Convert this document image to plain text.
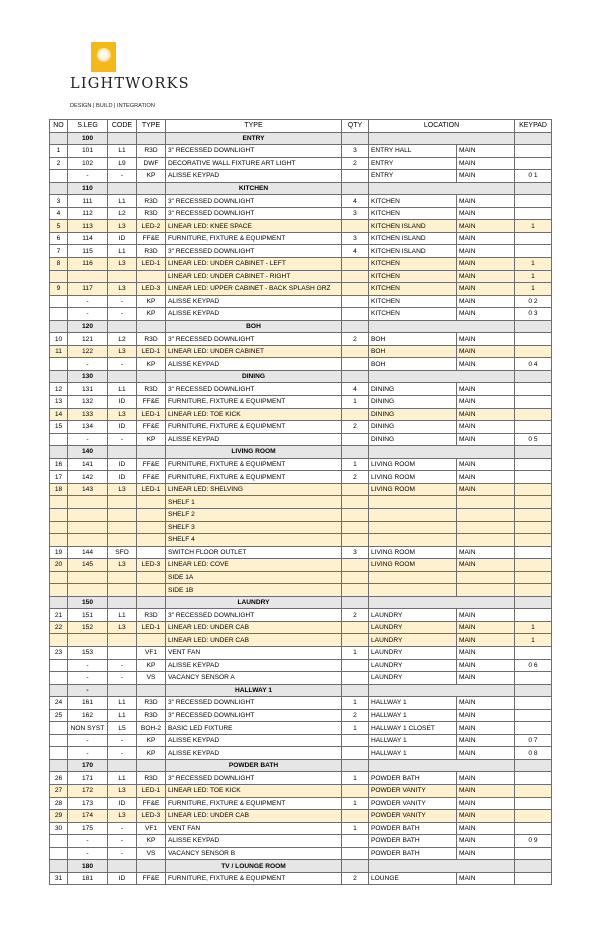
LIGHTWORKS
DESIGN | BUILD | INTEGRATION
NO	S.LEG	CODE	TYPE	TYPE	QTY	LOCATION		KEYPAD
	100			ENTRY				
1	101	L1	R3D	3" RECESSED DOWNLIGHT	3	ENTRY HALL	MAIN	
2	102	L9	DWF	DECORATIVE WALL FIXTURE ART LIGHT	2	ENTRY	MAIN	
	-	-	KP	ALISSE KEYPAD		ENTRY	MAIN	0 1
	110			KITCHEN				
3	111	L1	R3D	3" RECESSED DOWNLIGHT	4	KITCHEN	MAIN	
4	112	L2	R3D	3" RECESSED DOWNLIGHT	3	KITCHEN	MAIN	
5	113	L3	LED-2	LINEAR LED: KNEE SPACE		KITCHEN ISLAND	MAIN	1
6	114	ID	FF&E	FURNITURE, FIXTURE & EQUIPMENT	3	KITCHEN ISLAND	MAIN	
7	115	L1	R3D	3" RECESSED DOWNLIGHT	4	KITCHEN ISLAND	MAIN	
8	116	L3	LED-1	LINEAR LED: UNDER CABINET - LEFT		KITCHEN	MAIN	1
				LINEAR LED: UNDER CABINET - RIGHT		KITCHEN	MAIN	1
9	117	L3	LED-3	LINEAR LED: UPPER CABINET - BACK SPLASH GRZ		KITCHEN	MAIN	1
	-	-	KP	ALISSE KEYPAD		KITCHEN	MAIN	0 2
	-	-	KP	ALISSE KEYPAD		KITCHEN	MAIN	0 3
	120			BOH				
10	121	L2	R3D	3" RECESSED DOWNLIGHT	2	BOH	MAIN	
11	122	L3	LED-1	LINEAR LED: UNDER CABINET		BOH	MAIN	
	-	-	KP	ALISSE KEYPAD		BOH	MAIN	0 4
	130			DINING				
12	131	L1	R3D	3" RECESSED DOWNLIGHT	4	DINING	MAIN	
13	132	ID	FF&E	FURNITURE, FIXTURE & EQUIPMENT	1	DINING	MAIN	
14	133	L3	LED-1	LINEAR LED: TOE KICK		DINING	MAIN	
15	134	ID	FF&E	FURNITURE, FIXTURE & EQUIPMENT	2	DINING	MAIN	
	-	-	KP	ALISSE KEYPAD		DINING	MAIN	0 5
	140			LIVING ROOM				
16	141	ID	FF&E	FURNITURE, FIXTURE & EQUIPMENT	1	LIVING ROOM	MAIN	
17	142	ID	FF&E	FURNITURE, FIXTURE & EQUIPMENT	2	LIVING ROOM	MAIN	
18	143	L3	LED-1	LINEAR LED: SHELVING		LIVING ROOM	MAIN	
				SHELF 1				
				SHELF 2				
				SHELF 3				
				SHELF 4				
19	144	SFO		SWITCH FLOOR OUTLET	3	LIVING ROOM	MAIN	
20	145	L3	LED-3	LINEAR LED: COVE		LIVING ROOM	MAIN	
				SIDE 1A				
				SIDE 1B				
	150			LAUNDRY				
21	151	L1	R3D	3" RECESSED DOWNLIGHT	2	LAUNDRY	MAIN	
22	152	L3	LED-1	LINEAR LED: UNDER CAB		LAUNDRY	MAIN	1
				LINEAR LED: UNDER CAB		LAUNDRY	MAIN	1
23	153		VF1	VENT FAN	1	LAUNDRY	MAIN	
	-	-	KP	ALISSE KEYPAD		LAUNDRY	MAIN	0 6
	-	-	VS	VACANCY SENSOR A		LAUNDRY	MAIN	
	-			HALLWAY 1				
24	161	L1	R3D	3" RECESSED DOWNLIGHT	1	HALLWAY 1	MAIN	
25	162	L1	R3D	3" RECESSED DOWNLIGHT	2	HALLWAY 1	MAIN	
	NON SYST	L5	BOH-2	BASIC LED FIXTURE	1	HALLWAY 1 CLOSET	MAIN	
	-	-	KP	ALISSE KEYPAD		HALLWAY 1	MAIN	0 7
	-	-	KP	ALISSE KEYPAD		HALLWAY 1	MAIN	0 8
	170			POWDER BATH				
26	171	L1	R3D	3" RECESSED DOWNLIGHT	1	POWDER BATH	MAIN	
27	172	L3	LED-1	LINEAR LED: TOE KICK		POWDER VANITY	MAIN	
28	173	ID	FF&E	FURNITURE, FIXTURE & EQUIPMENT	1	POWDER VANITY	MAIN	
29	174	L3	LED-3	LINEAR LED: UNDER CAB		POWDER VANITY	MAIN	
30	175	-	VF1	VENT FAN	1	POWDER BATH	MAIN	
	-	-	KP	ALISSE KEYPAD		POWDER BATH	MAIN	0 9
	-	-	VS	VACANCY SENSOR B		POWDER BATH	MAIN	
	180			TV / LOUNGE ROOM				
31	181	ID	FF&E	FURNITURE, FIXTURE & EQUIPMENT	2	LOUNGE	MAIN	
